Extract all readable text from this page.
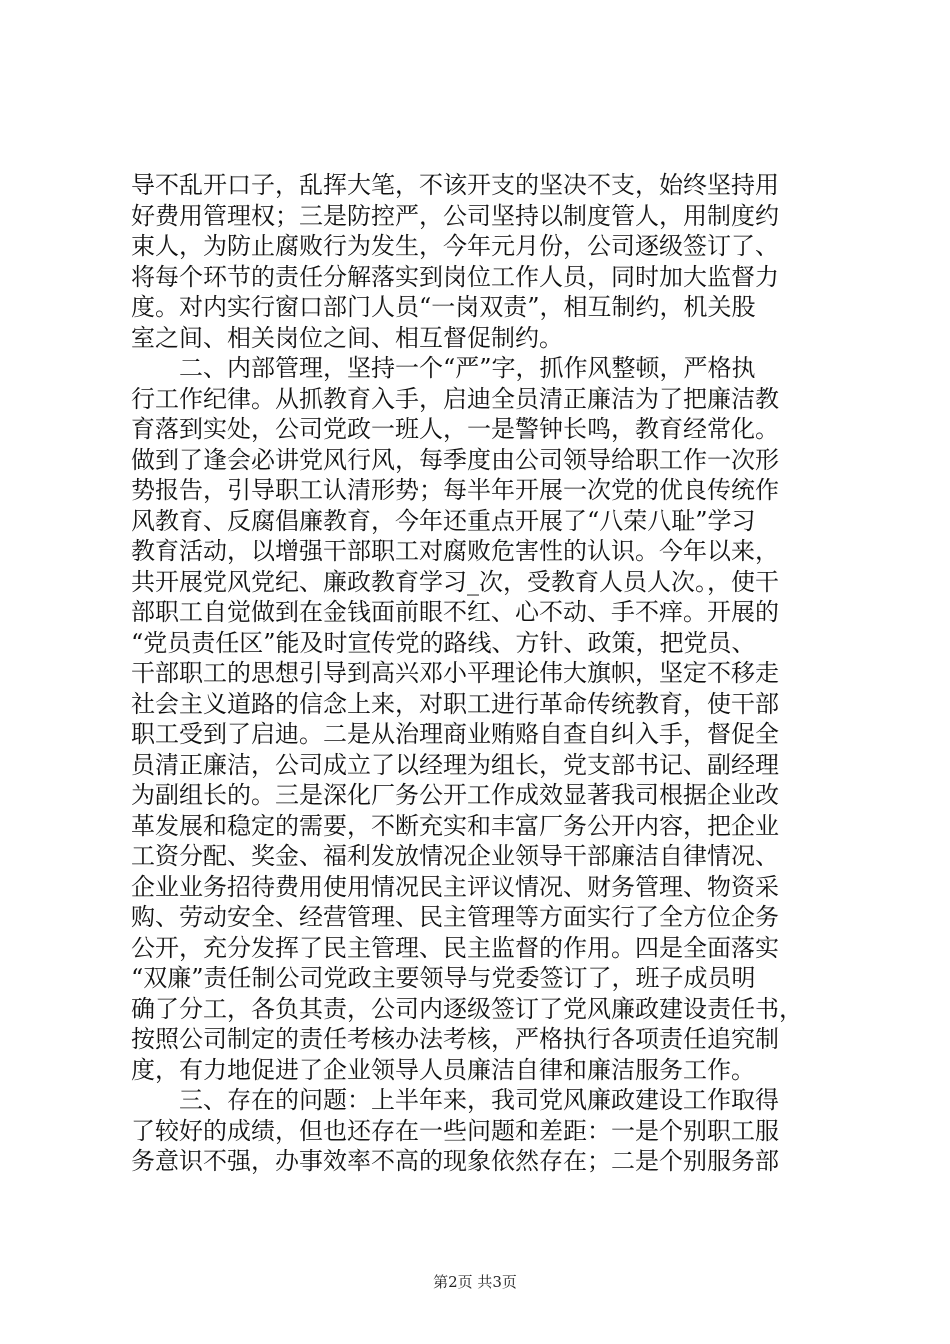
导不乱开口子，乱挥大笔，不该开支的坚决不支，始终坚持用
好费用管理权；三是防控严，公司坚持以制度管人，用制度约
束人，为防止腐败行为发生，今年元月份，公司逐级签订了、
将每个环节的责任分解落实到岗位工作人员，同时加大监督力
度。对内实行窗口部门人员“一岗双责”，相互制约，机关股
室之间、相关岗位之间、相互督促制约。
二、内部管理，坚持一个“严”字，抓作风整顿，严格执
行工作纪律。从抓教育入手，启迪全员清正廉洁为了把廉洁教
育落到实处，公司党政一班人，一是警钟长鸣，教育经常化。
做到了逢会必讲党风行风，每季度由公司领导给职工作一次形
势报告，引导职工认清形势；每半年开展一次党的优良传统作
风教育、反腐倡廉教育，今年还重点开展了“八荣八耻”学习
教育活动，以增强干部职工对腐败危害性的认识。今年以来，
共开展党风党纪、廉政教育学习_次，受教育人员人次。，使干
部职工自觉做到在金钱面前眼不红、心不动、手不痒。开展的
“党员责任区”能及时宣传党的路线、方针、政策，把党员、
干部职工的思想引导到高兴邓小平理论伟大旗帜，坚定不移走
社会主义道路的信念上来，对职工进行革命传统教育，使干部
职工受到了启迪。二是从治理商业贿赂自查自纠入手，督促全
员清正廉洁，公司成立了以经理为组长，党支部书记、副经理
为副组长的。三是深化厂务公开工作成效显著我司根据企业改
革发展和稳定的需要，不断充实和丰富厂务公开内容，把企业
工资分配、奖金、福利发放情况企业领导干部廉洁自律情况、
企业业务招待费用使用情况民主评议情况、财务管理、物资采
购、劳动安全、经营管理、民主管理等方面实行了全方位企务
公开，充分发挥了民主管理、民主监督的作用。四是全面落实
“双廉”责任制公司党政主要领导与党委签订了，班子成员明
确了分工，各负其责，公司内逐级签订了党风廉政建设责任书，
按照公司制定的责任考核办法考核，严格执行各项责任追究制
度，有力地促进了企业领导人员廉洁自律和廉洁服务工作。
三、存在的问题：上半年来，我司党风廉政建设工作取得
了较好的成绩，但也还存在一些问题和差距：一是个别职工服
务意识不强，办事效率不高的现象依然存在；二是个别服务部
第2页 共3页
